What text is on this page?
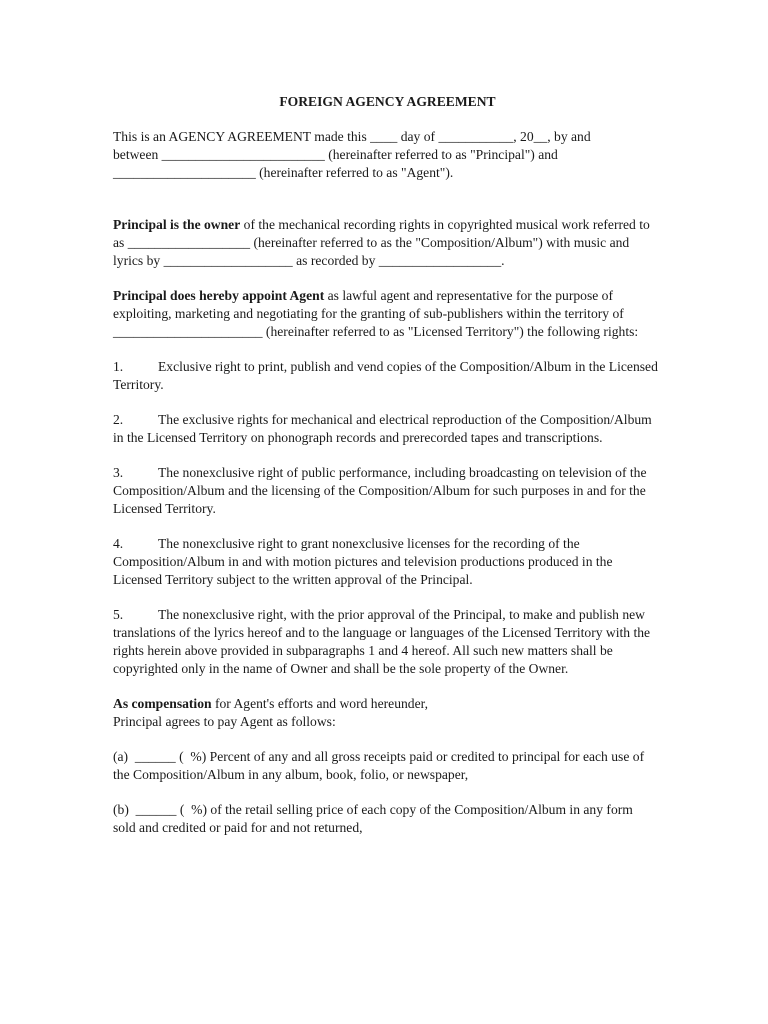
FOREIGN AGENCY AGREEMENT

This is an AGENCY AGREEMENT made this ____ day of ___________, 20__, by and

between ________________________ (hereinafter referred to as "Principal") and

_____________________ (hereinafter referred to as "Agent").

Principal is the owner of the mechanical recording rights in copyrighted musical work referred to as __________________ (hereinafter referred to as the "Composition/Album") with music and lyrics by ___________________ as recorded by __________________.

Principal does hereby appoint Agent as lawful agent and representative for the purpose of exploiting, marketing and negotiating for the granting of sub-publishers within the territory of ______________________ (hereinafter referred to as "Licensed Territory") the following rights:

1.	Exclusive right to print, publish and vend copies of the Composition/Album in the Licensed Territory.

2.	The exclusive rights for mechanical and electrical reproduction of the Composition/Album in the Licensed Territory on phonograph records and prerecorded tapes and transcriptions.

3.	The nonexclusive right of public performance, including broadcasting on television of the Composition/Album and the licensing of the Composition/Album for such purposes in and for the Licensed Territory.

4.	The nonexclusive right to grant nonexclusive licenses for the recording of the Composition/Album in and with motion pictures and television productions produced in the Licensed Territory subject to the written approval of the Principal.

5.	The nonexclusive right, with the prior approval of the Principal, to make and publish new translations of the lyrics hereof and to the language or languages of the Licensed Territory with the rights herein above provided in subparagraphs 1 and 4 hereof. All such new matters shall be copyrighted only in the name of Owner and shall be the sole property of the Owner.

As compensation for Agent's efforts and word hereunder,

Principal agrees to pay Agent as follows:

(a)  ______ (  %) Percent of any and all gross receipts paid or credited to principal for each use of the Composition/Album in any album, book, folio, or newspaper,

(b)  ______ (  %) of the retail selling price of each copy of the Composition/Album in any form sold and credited or paid for and not returned,
